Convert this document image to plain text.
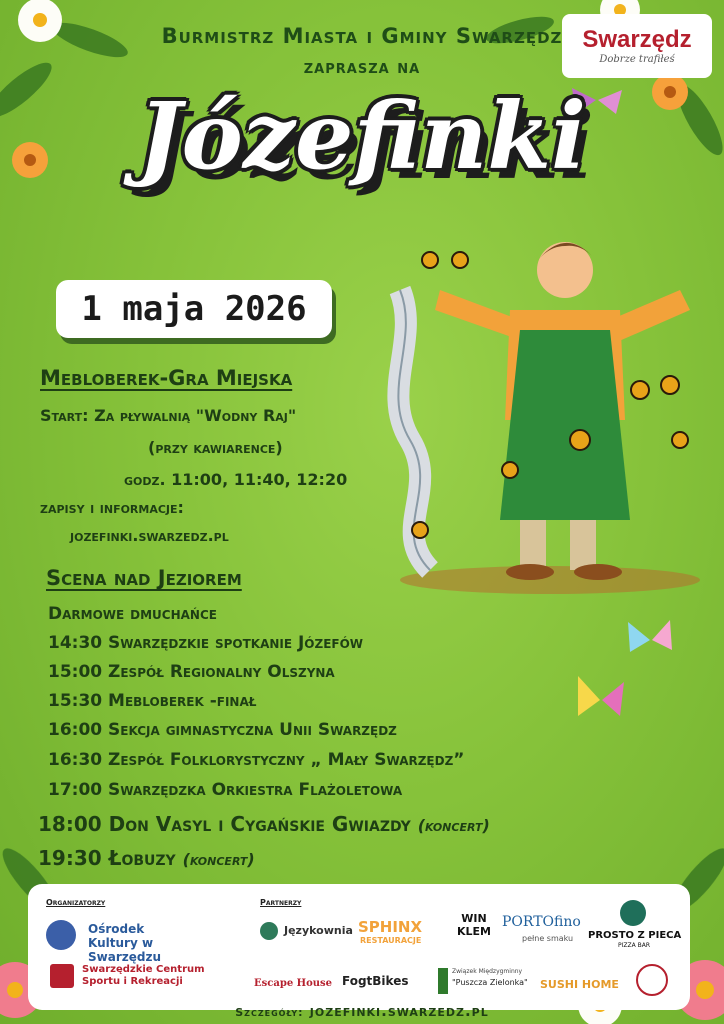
Swarzędz
Dobrze trafiłeś
Burmistrz Miasta i Gminy Swarzędz
zaprasza na
Józefinki
1 maja 2026
Mebloberek-Gra Miejska
Start: Za pływalnią "Wodny Raj"
(przy kawiarence)
godz. 11:00, 11:40, 12:20
zapisy i informacje:
jozefinki.swarzedz.pl
Scena nad Jeziorem
Darmowe dmuchańce
14:30 Swarzędzkie spotkanie Józefów
15:00 Zespół Regionalny Olszyna
15:30 Mebloberek -finał
16:00 Sekcja gimnastyczna Unii Swarzędz
16:30 Zespół Folklorystyczny „ Mały Swarzędz”
17:00 Swarzędzka Orkiestra Flażoletowa
18:00 Don Vasyl i Cygańskie Gwiazdy (koncert)
19:30 Łobuzy (koncert)
Organizatorzy
Ośrodek Kultury w Swarzędzu
Swarzędzkie Centrum Sportu i Rekreacji
Partnerzy
Językownia SPHINX
RESTAURACJE
WIN KLEM
PORTOfino
pełne smaku PROSTO Z PIECA
PIZZA BAR
Escape House FogtBikes
Związek Międzygminny
"Puszcza Zielonka" SUSHI HOME
Szczegóły: jozefinki.swarzedz.pl
